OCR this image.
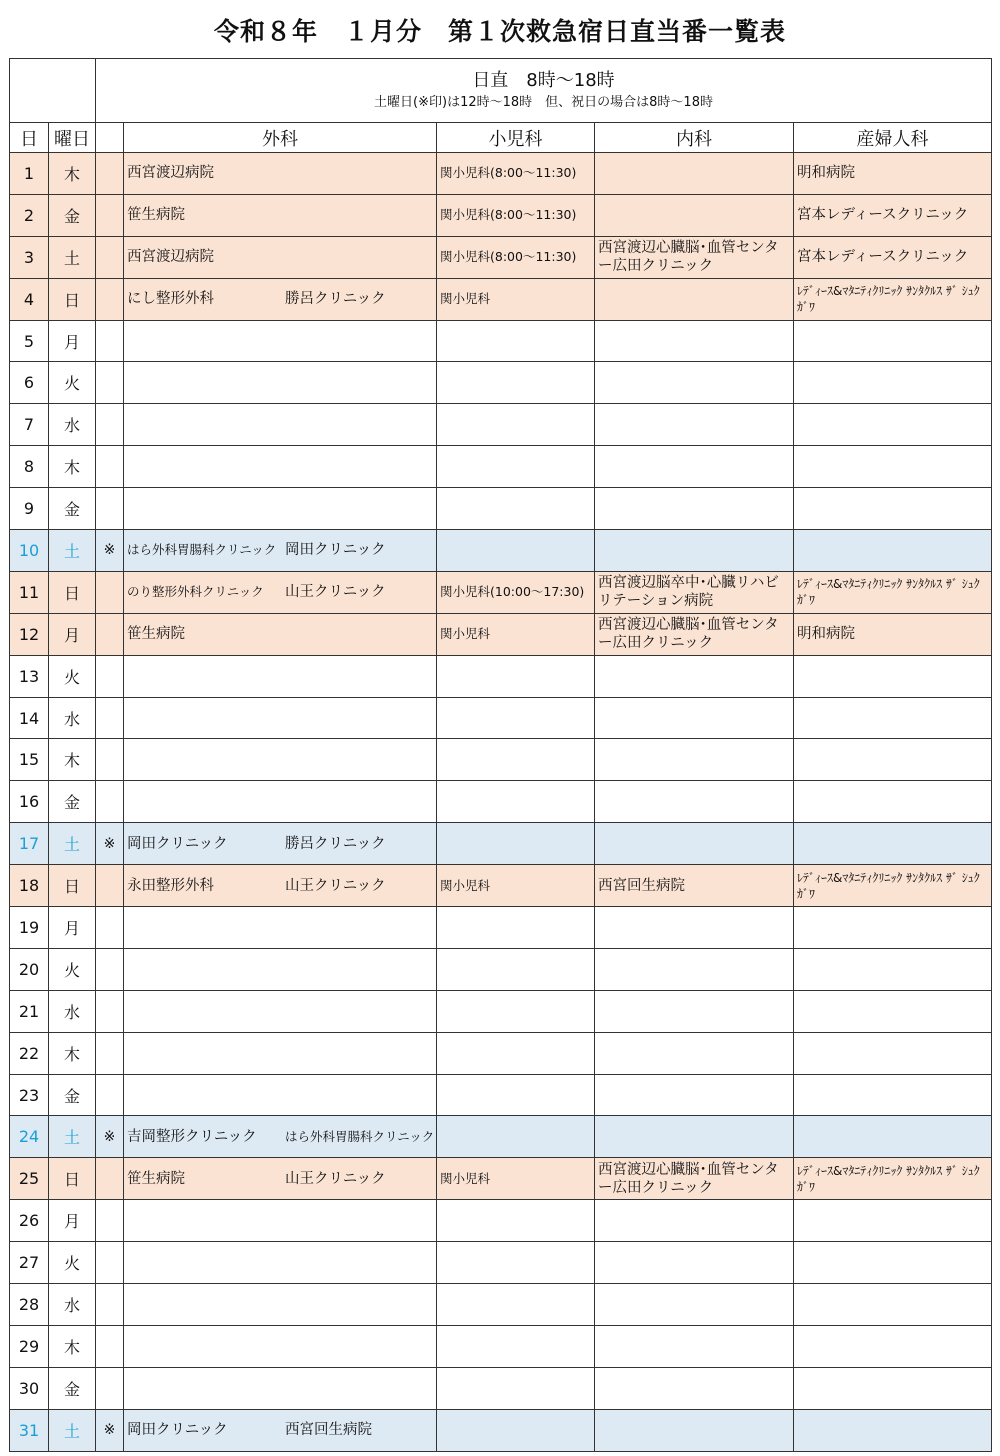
令和８年　１月分　第１次救急宿日直当番一覧表

		日直　8時～18時
土曜日(※印)は12時～18時　但、祝日の場合は8時～18時				

日	曜日		外科	小児科	内科	産婦人科
1	木		西宮渡辺病院	関小児科(8:00～11:30)		明和病院
2	金		笹生病院	関小児科(8:00～11:30)		宮本レディースクリニック
3	土		西宮渡辺病院	関小児科(8:00～11:30)	西宮渡辺心臓脳･血管センター広田クリニック	宮本レディースクリニック
4	日		にし整形外科 勝呂クリニック	関小児科		ﾚﾃﾞｨｰｽ&ﾏﾀﾆﾃｨｸﾘﾆｯｸ ｻﾝﾀｸﾙｽ ｻﾞ ｼｭｸｶﾞﾜ
5	月					
6	火					
7	水					
8	木					
9	金					
10	土	※	はら外科胃腸科クリニック 岡田クリニック			
11	日		のり整形外科クリニック 山王クリニック	関小児科(10:00～17:30)	西宮渡辺脳卒中･心臓リハビリテーション病院	ﾚﾃﾞｨｰｽ&ﾏﾀﾆﾃｨｸﾘﾆｯｸ ｻﾝﾀｸﾙｽ ｻﾞ ｼｭｸｶﾞﾜ
12	月		笹生病院	関小児科	西宮渡辺心臓脳･血管センター広田クリニック	明和病院
13	火					
14	水					
15	木					
16	金					
17	土	※	岡田クリニック 勝呂クリニック			
18	日		永田整形外科 山王クリニック	関小児科	西宮回生病院	ﾚﾃﾞｨｰｽ&ﾏﾀﾆﾃｨｸﾘﾆｯｸ ｻﾝﾀｸﾙｽ ｻﾞ ｼｭｸｶﾞﾜ
19	月					
20	火					
21	水					
22	木					
23	金					
24	土	※	吉岡整形クリニック はら外科胃腸科クリニック			
25	日		笹生病院 山王クリニック	関小児科	西宮渡辺心臓脳･血管センター広田クリニック	ﾚﾃﾞｨｰｽ&ﾏﾀﾆﾃｨｸﾘﾆｯｸ ｻﾝﾀｸﾙｽ ｻﾞ ｼｭｸｶﾞﾜ
26	月					
27	火					
28	水					
29	木					
30	金					
31	土	※	岡田クリニック 西宮回生病院			
